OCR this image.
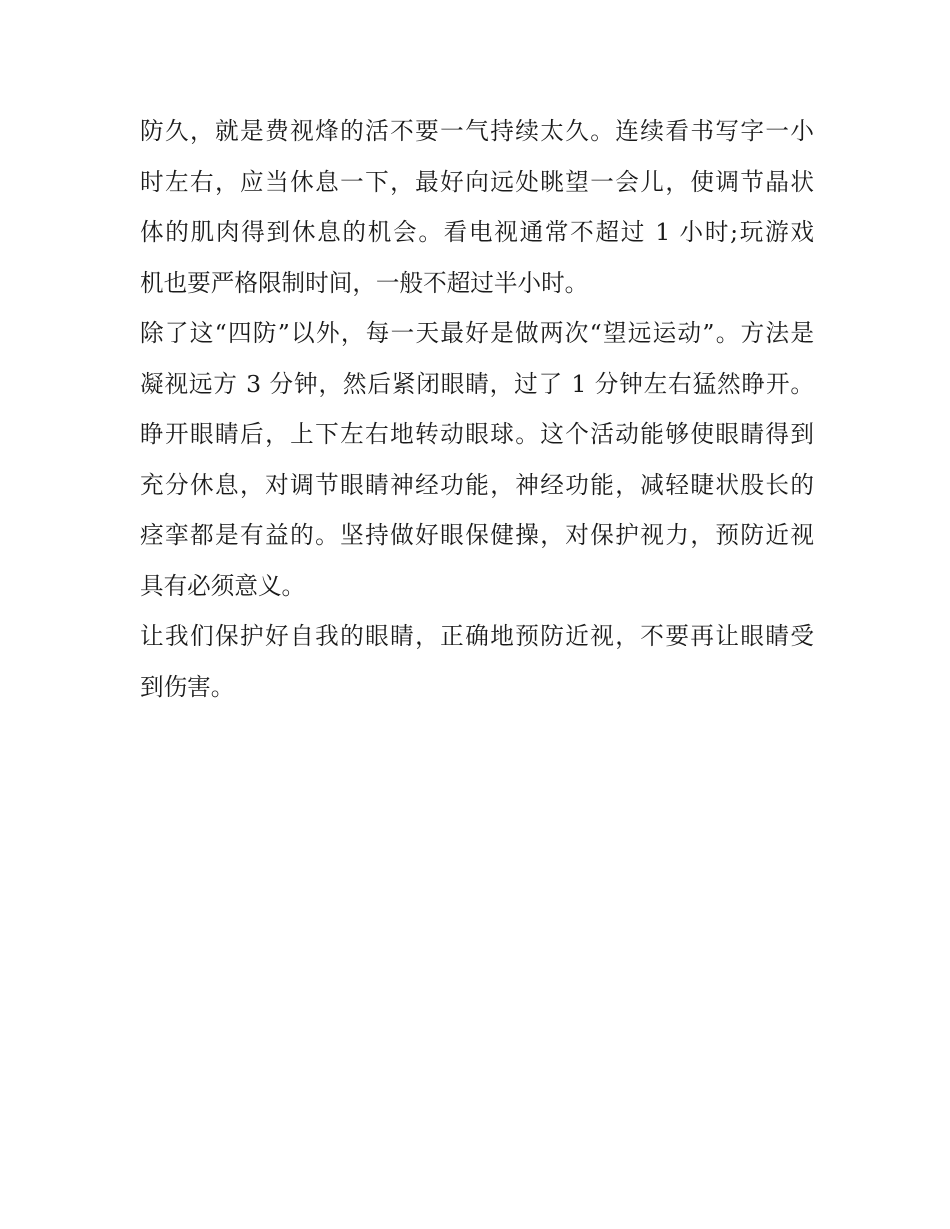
防久，就是费视烽的活不要一气持续太久。连续看书写字一小
时左右，应当休息一下，最好向远处眺望一会儿，使调节晶状
体的肌肉得到休息的机会。看电视通常不超过 1 小时;玩游戏
机也要严格限制时间，一般不超过半小时。
除了这“四防”以外，每一天最好是做两次“望远运动”。方法是
凝视远方 3 分钟，然后紧闭眼睛，过了 1 分钟左右猛然睁开。
睁开眼睛后，上下左右地转动眼球。这个活动能够使眼睛得到
充分休息，对调节眼睛神经功能，神经功能，减轻睫状股长的
痉挛都是有益的。坚持做好眼保健操，对保护视力，预防近视
具有必须意义。
让我们保护好自我的眼睛，正确地预防近视，不要再让眼睛受
到伤害。
